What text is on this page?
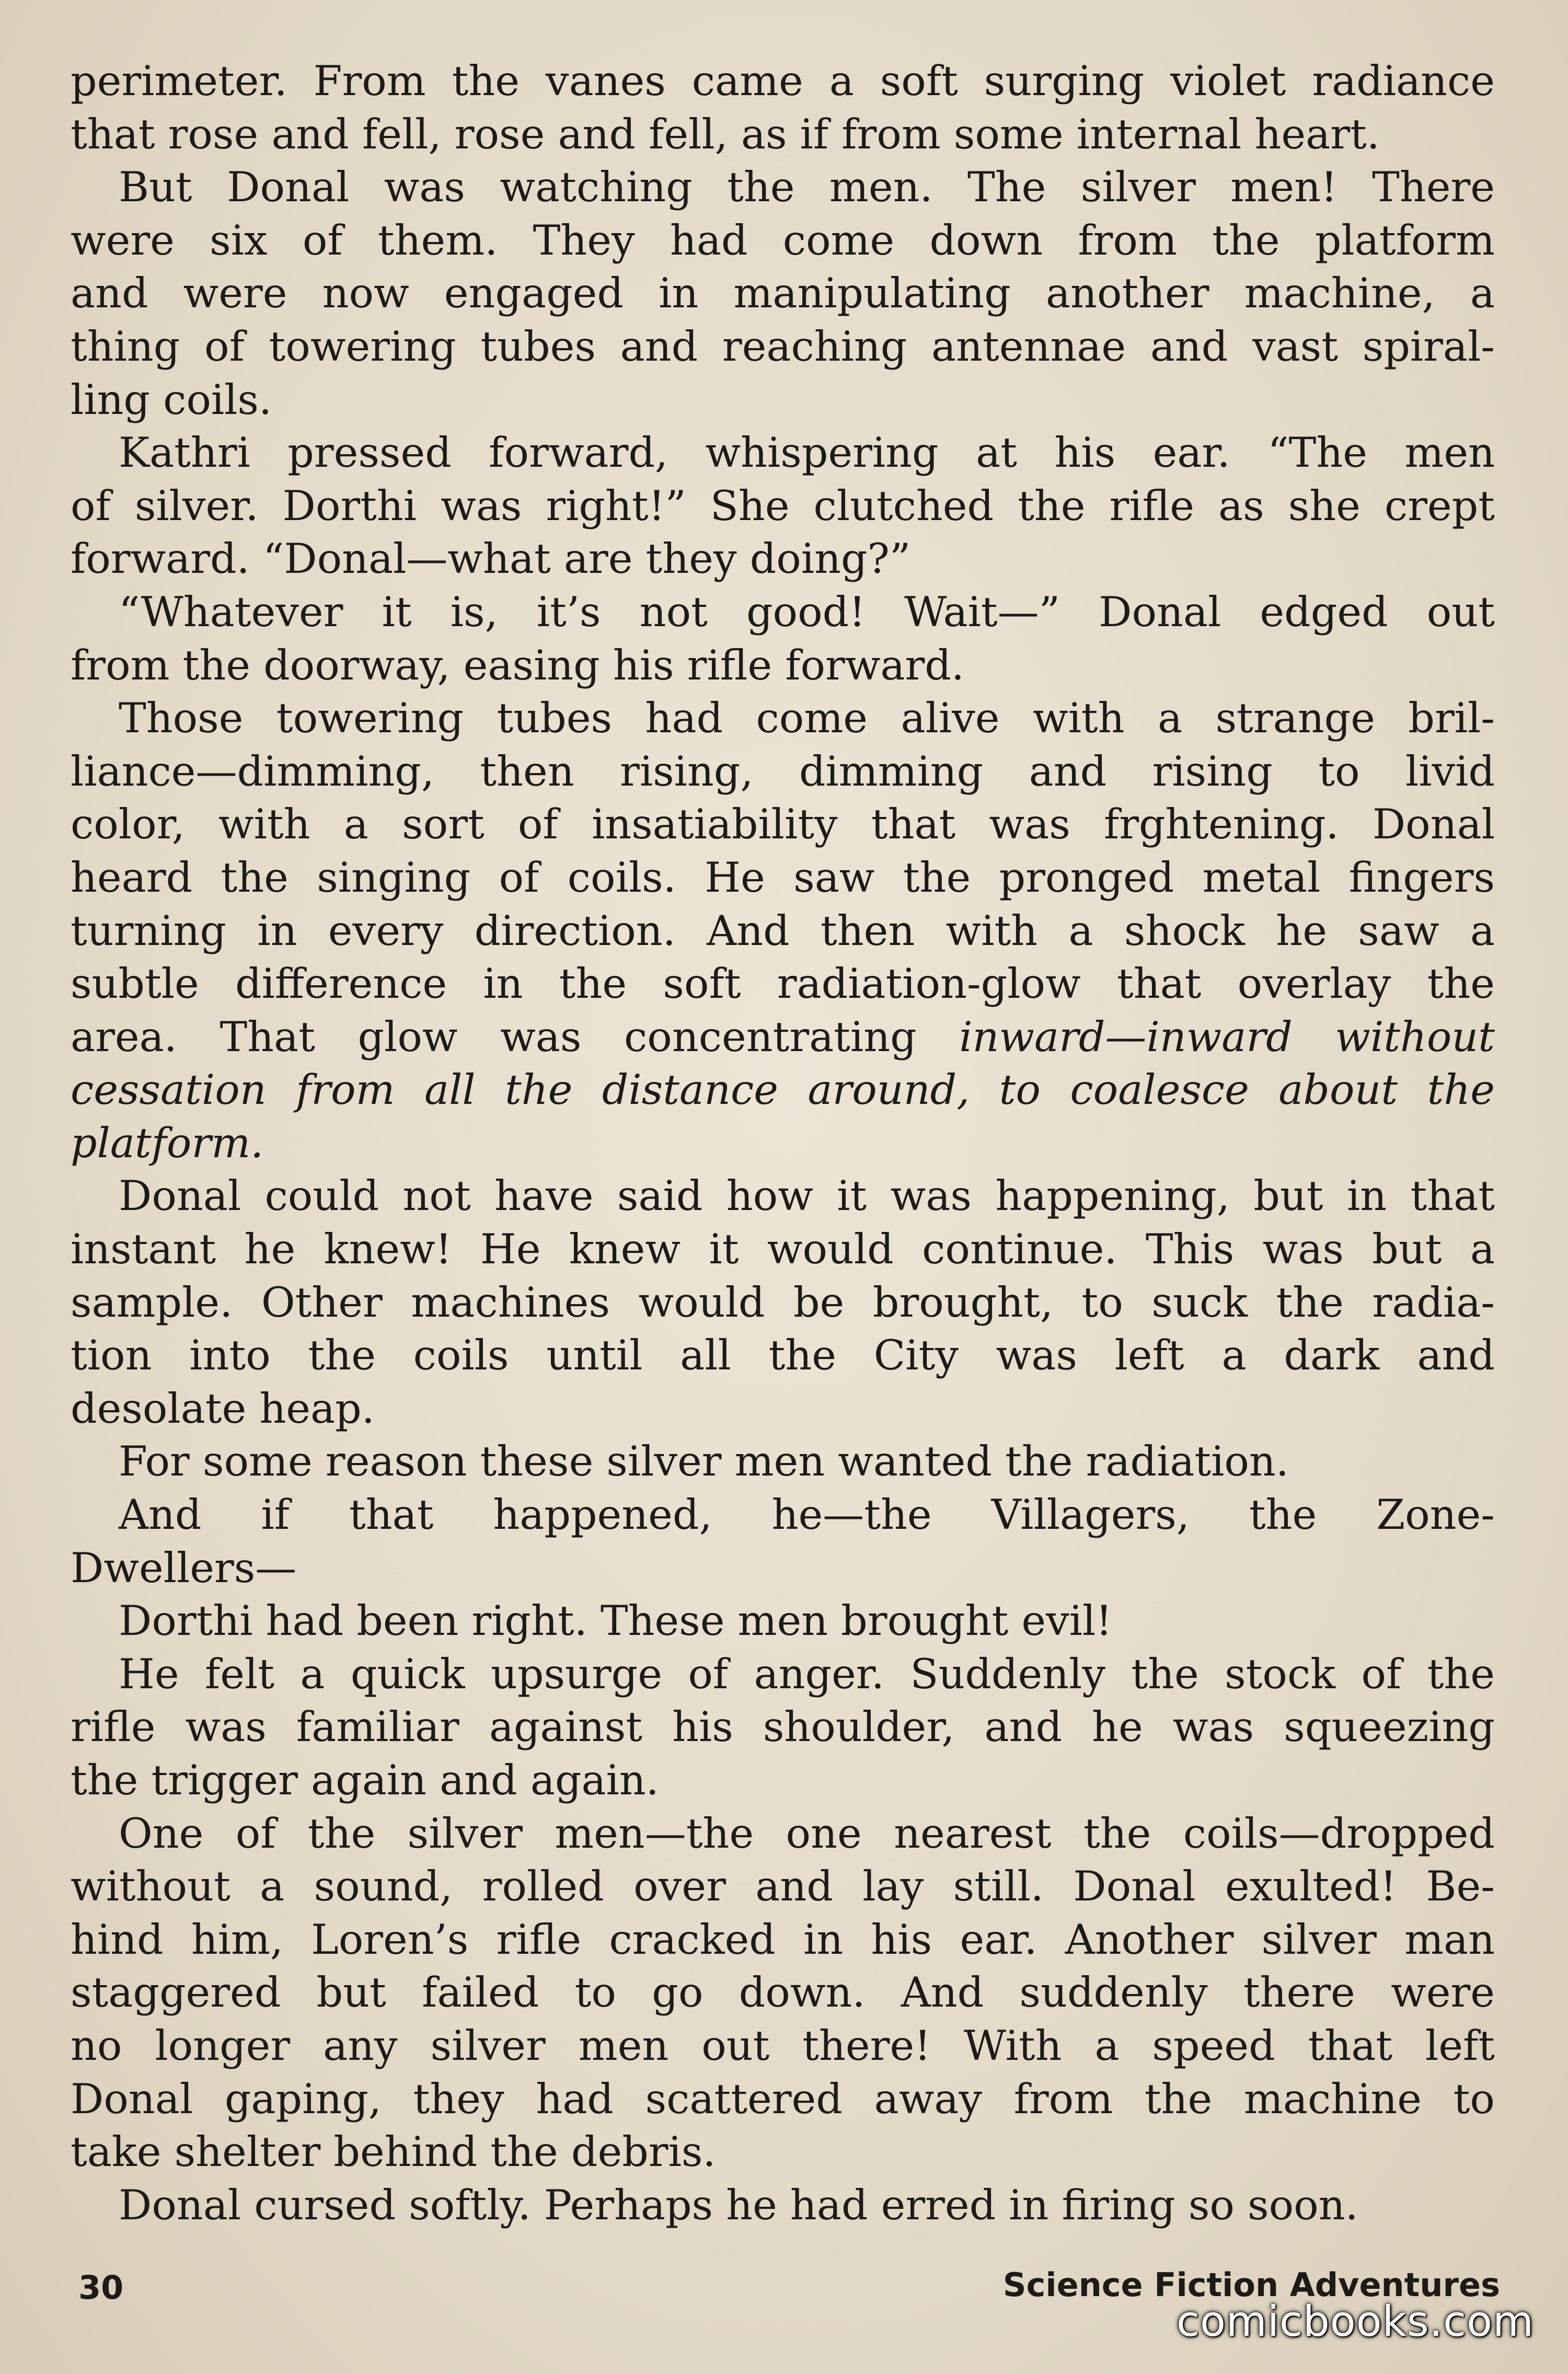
perimeter. From the vanes came a soft surging violet radiance
that rose and fell, rose and fell, as if from some internal heart.
But Donal was watching the men. The silver men! There
were six of them. They had come down from the platform
and were now engaged in manipulating another machine, a
thing of towering tubes and reaching antennae and vast spiral-
ling coils.
Kathri pressed forward, whispering at his ear. “The men
of silver. Dorthi was right!” She clutched the rifle as she crept
forward. “Donal—what are they doing?”
“Whatever it is, it’s not good! Wait—” Donal edged out
from the doorway, easing his rifle forward.
Those towering tubes had come alive with a strange bril-
liance—dimming, then rising, dimming and rising to livid
color, with a sort of insatiability that was frghtening. Donal
heard the singing of coils. He saw the pronged metal fingers
turning in every direction. And then with a shock he saw a
subtle difference in the soft radiation-glow that overlay the
area. That glow was concentrating inward—inward without
cessation from all the distance around, to coalesce about the
platform.
Donal could not have said how it was happening, but in that
instant he knew! He knew it would continue. This was but a
sample. Other machines would be brought, to suck the radia-
tion into the coils until all the City was left a dark and
desolate heap.
For some reason these silver men wanted the radiation.
And if that happened, he—the Villagers, the Zone-
Dwellers—
Dorthi had been right. These men brought evil!
He felt a quick upsurge of anger. Suddenly the stock of the
rifle was familiar against his shoulder, and he was squeezing
the trigger again and again.
One of the silver men—the one nearest the coils—dropped
without a sound, rolled over and lay still. Donal exulted! Be-
hind him, Loren’s rifle cracked in his ear. Another silver man
staggered but failed to go down. And suddenly there were
no longer any silver men out there! With a speed that left
Donal gaping, they had scattered away from the machine to
take shelter behind the debris.
Donal cursed softly. Perhaps he had erred in firing so soon.
30	Science Fiction Adventures
comicbooks.com
